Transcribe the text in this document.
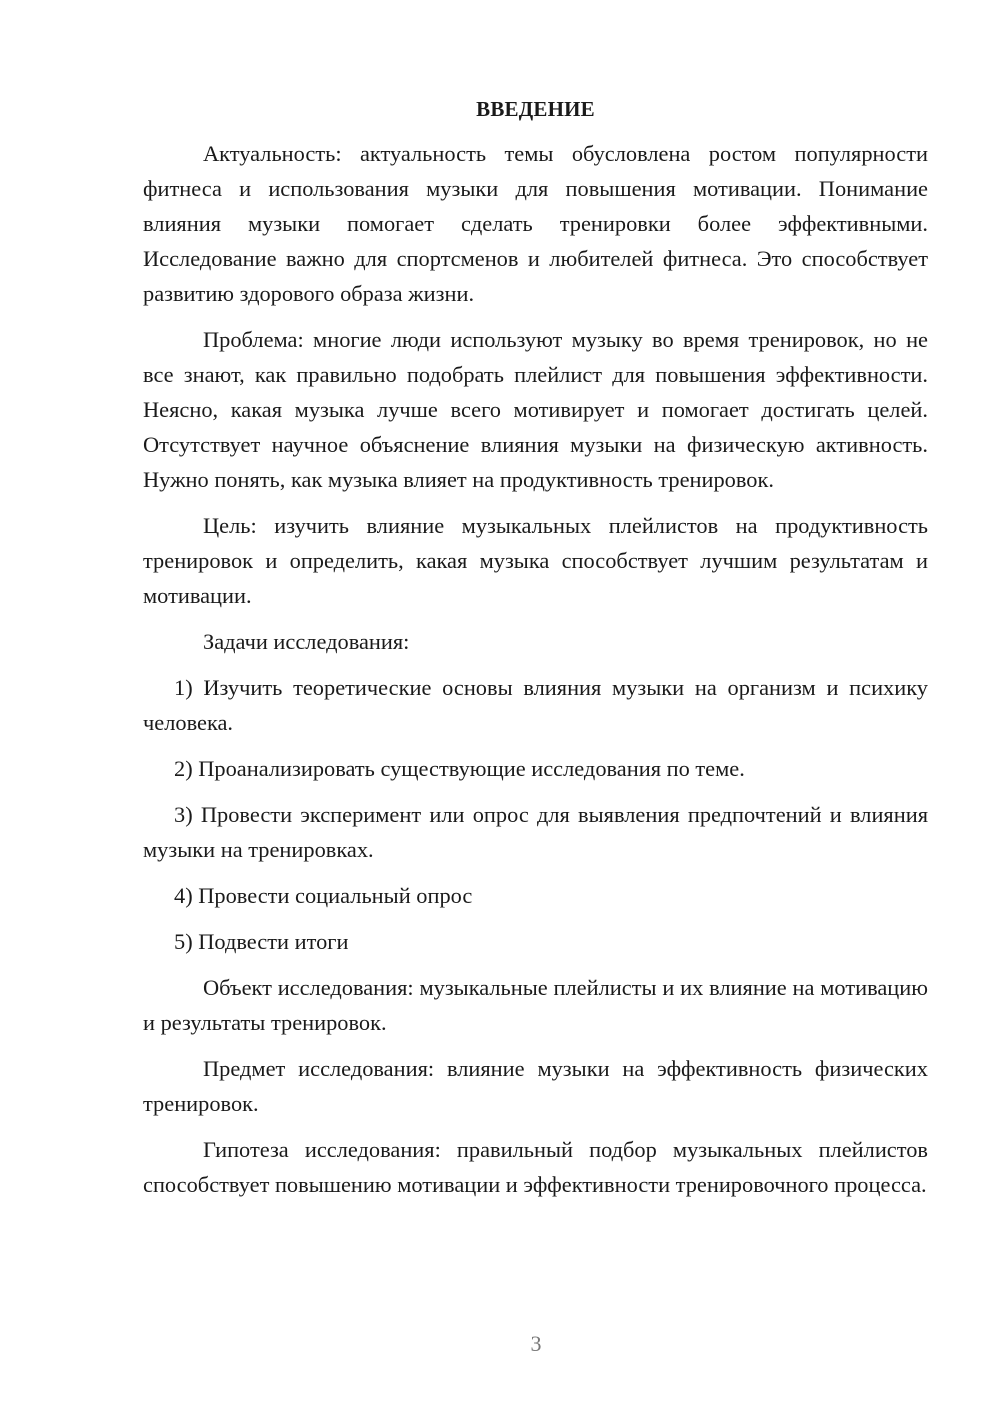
ВВЕДЕНИЕ

Актуальность: актуальность темы обусловлена ростом популярности фитнеса и использования музыки для повышения мотивации. Понимание влияния музыки помогает сделать тренировки более эффективными. Исследование важно для спортсменов и любителей фитнеса. Это способствует развитию здорового образа жизни.

Проблема: многие люди используют музыку во время тренировок, но не все знают, как правильно подобрать плейлист для повышения эффективности. Неясно, какая музыка лучше всего мотивирует и помогает достигать целей. Отсутствует научное объяснение влияния музыки на физическую активность. Нужно понять, как музыка влияет на продуктивность тренировок.

Цель: изучить влияние музыкальных плейлистов на продуктивность тренировок и определить, какая музыка способствует лучшим результатам и мотивации.

Задачи исследования:

1) Изучить теоретические основы влияния музыки на организм и психику человека.

2) Проанализировать существующие исследования по теме.

3) Провести эксперимент или опрос для выявления предпочтений и влияния музыки на тренировках.

4) Провести социальный опрос

5) Подвести итоги

Объект исследования: музыкальные плейлисты и их влияние на мотивацию и результаты тренировок.

Предмет исследования: влияние музыки на эффективность физических тренировок.

Гипотеза исследования: правильный подбор музыкальных плейлистов способствует повышению мотивации и эффективности тренировочного процесса.

3
